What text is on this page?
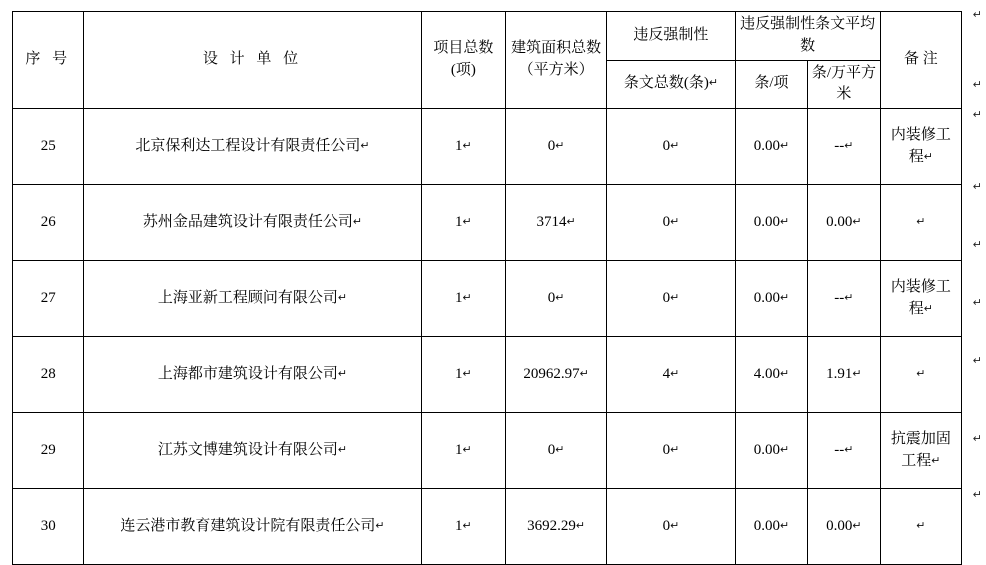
序 号	设 计 单 位	项目总数(项)	建筑面积总数（平方米）	违反强制性	违反强制性条文平均数		备 注
				条文总数(条)↵	条/项	条/万平方米	
25	北京保利达工程设计有限责任公司↵	1↵	0↵	0↵	0.00↵	--↵	内装修工程↵
26	苏州金品建筑设计有限责任公司↵	1↵	3714↵	0↵	0.00↵	0.00↵	↵
27	上海亚新工程顾问有限公司↵	1↵	0↵	0↵	0.00↵	--↵	内装修工程↵
28	上海都市建筑设计有限公司↵	1↵	20962.97↵	4↵	4.00↵	1.91↵	↵
29	江苏文博建筑设计有限公司↵	1↵	0↵	0↵	0.00↵	--↵	抗震加固工程↵
30	连云港市教育建筑设计院有限责任公司↵	1↵	3692.29↵	0↵	0.00↵	0.00↵	↵
↵
↵
↵
↵
↵
↵
↵
↵
↵
